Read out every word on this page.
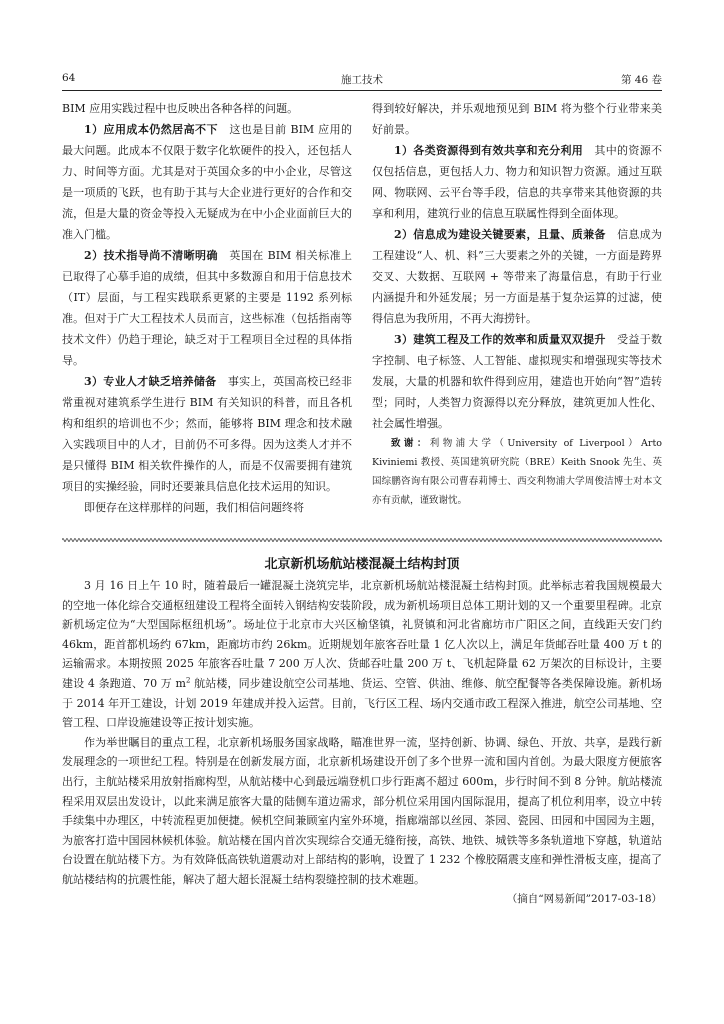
64	施工技术	第 46 卷

BIM 应用实践过程中也反映出各种各样的问题。

1）应用成本仍然居高不下　 这也是目前 BIM 应用的最大问题。此成本不仅限于数字化软硬件的投入，还包括人力、时间等方面。尤其是对于英国众多的中小企业，尽管这是一项质的飞跃，也有助于其与大企业进行更好的合作和交流，但是大量的资金等投入无疑成为在中小企业面前巨大的准入门槛。

2）技术指导尚不清晰明确　 英国在 BIM 相关标准上已取得了心摹手追的成绩，但其中多数源自和用于信息技术（IT）层面，与工程实践联系更紧的主要是 1192 系列标准。但对于广大工程技术人员而言，这些标准（包括指南等技术文件）仍趋于理论，缺乏对于工程项目全过程的具体指导。

3）专业人才缺乏培养储备　 事实上，英国高校已经非常重视对建筑系学生进行 BIM 有关知识的科普，而且各机构和组织的培训也不少；然而，能够将 BIM 理念和技术融入实践项目中的人才，目前仍不可多得。因为这类人才并不是只懂得 BIM 相关软件操作的人，而是不仅需要拥有建筑项目的实操经验，同时还要兼具信息化技术运用的知识。

即便存在这样那样的问题，我们相信问题终将

得到较好解决，并乐观地预见到 BIM 将为整个行业带来美好前景。

1）各类资源得到有效共享和充分利用　 其中的资源不仅包括信息，更包括人力、物力和知识智力资源。通过互联网、物联网、云平台等手段，信息的共享带来其他资源的共享和利用，建筑行业的信息互联属性得到全面体现。

2）信息成为建设关键要素，且量、质兼备　 信息成为工程建设“人、机、料”三大要素之外的关键，一方面是跨界交叉、大数据、互联网 + 等带来了海量信息，有助于行业内涵提升和外延发展；另一方面是基于复杂运算的过滤，使得信息为我所用，不再大海捞针。

3）建筑工程及工作的效率和质量双双提升　 受益于数字控制、电子标签、人工智能、虚拟现实和增强现实等技术发展，大量的机器和软件得到应用，建造也开始向“智”造转型；同时，人类智力资源得以充分释放，建筑更加人性化、社会属性增强。

致谢：利物浦大学（University of Liverpool）Arto Kiviniemi 教授、英国建筑研究院（BRE）Keith Snook 先生、英国综鹏咨询有限公司曹春莉博士、西交利物浦大学周俊洁博士对本文亦有贡献，谨致谢忱。

北京新机场航站楼混凝土结构封顶

3 月 16 日上午 10 时，随着最后一罐混凝土浇筑完毕，北京新机场航站楼混凝土结构封顶。此举标志着我国规模最大的空地一体化综合交通枢纽建设工程将全面转入钢结构安装阶段，成为新机场项目总体工期计划的又一个重要里程碑。北京新机场定位为“大型国际枢纽机场”。场址位于北京市大兴区榆垡镇，礼贤镇和河北省廊坊市广阳区之间，直线距天安门约 46km，距首都机场约 67km，距廊坊市约 26km。近期规划年旅客吞吐量 1 亿人次以上，满足年货邮吞吐量 400 万 t 的运输需求。本期按照 2025 年旅客吞吐量 7 200 万人次、货邮吞吐量 200 万 t、飞机起降量 62 万架次的目标设计，主要建设 4 条跑道、70 万 $m^2$ 航站楼，同步建设航空公司基地、货运、空管、供油、维修、航空配餐等各类保障设施。新机场于 2014 年开工建设，计划 2019 年建成并投入运营。目前，飞行区工程、场内交通市政工程深入推进，航空公司基地、空管工程、口岸设施建设等正按计划实施。

作为举世瞩目的重点工程，北京新机场服务国家战略，瞄准世界一流，坚持创新、协调、绿色、开放、共享，是践行新发展理念的一项世纪工程。特别是在创新发展方面，北京新机场建设开创了多个世界一流和国内首创。为最大限度方便旅客出行，主航站楼采用放射指廊构型，从航站楼中心到最远端登机口步行距离不超过 600m，步行时间不到 8 分钟。航站楼流程采用双层出发设计，以此来满足旅客大量的陆侧车道边需求，部分机位采用国内国际混用，提高了机位利用率，设立中转手续集中办理区，中转流程更加便捷。候机空间兼顾室内室外环境，指廊端部以丝园、茶园、瓷园、田园和中国园为主题，为旅客打造中国园林候机体验。航站楼在国内首次实现综合交通无缝衔接，高铁、地铁、城铁等多条轨道地下穿越，轨道站台设置在航站楼下方。为有效降低高铁轨道震动对上部结构的影响，设置了 1 232 个橡胶隔震支座和弹性滑板支座，提高了航站楼结构的抗震性能，解决了超大超长混凝土结构裂缝控制的技术难题。

（摘自“网易新闻”2017-03-18）
